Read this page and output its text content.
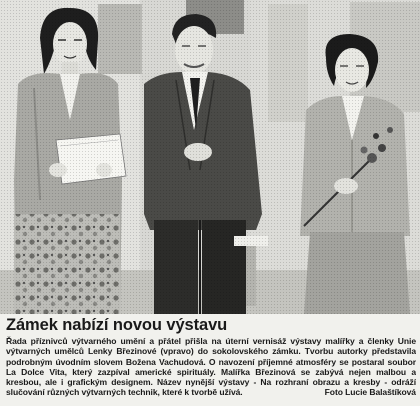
Zámek nabízí novou výstavu
Řada příznivců výtvarného umění a přátel přišla na úterní vernisáž výstavy malířky a členky Unie
výtvarných umělců Lenky Březinové (vpravo) do sokolovského zámku. Tvorbu autorky představila
podrobným úvodním slovem Božena Vachudová. O navození příjemné atmosféry se postaral soubor
La Dolce Vita, který zazpíval americké spirituály. Malířka Březinová se zabývá nejen malbou a
kresbou, ale i grafickým designem. Název nynější výstavy - Na rozhraní obrazu a kresby - odráží
slučování různých výtvarných technik, které k tvorbě užívá.	Foto Lucie Balaštíková
